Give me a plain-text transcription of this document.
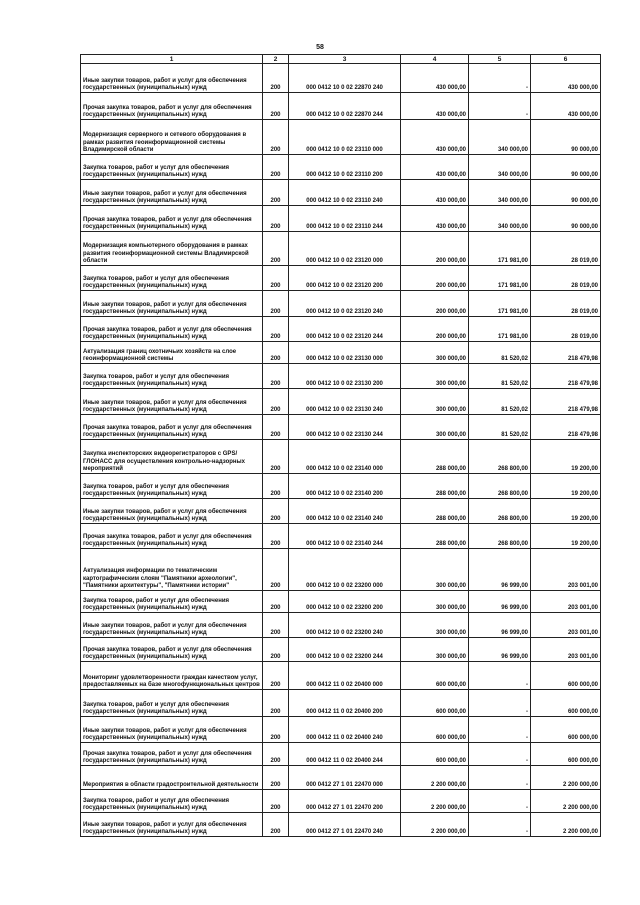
58
1	2	3	4	5	6
Иные закупки товаров, работ и услуг для обеспечения государственных (муниципальных) нужд	200	000 0412 10 0 02 22870 240	430 000,00	-	430 000,00
Прочая закупка товаров, работ и услуг для обеспечения государственных (муниципальных) нужд	200	000 0412 10 0 02 22870 244	430 000,00	-	430 000,00
Модернизация серверного и сетевого оборудования в рамках развития геоинформационной системы Владимирской области	200	000 0412 10 0 02 23110 000	430 000,00	340 000,00	90 000,00
Закупка товаров, работ и услуг для обеспечения государственных (муниципальных) нужд	200	000 0412 10 0 02 23110 200	430 000,00	340 000,00	90 000,00
Иные закупки товаров, работ и услуг для обеспечения государственных (муниципальных) нужд	200	000 0412 10 0 02 23110 240	430 000,00	340 000,00	90 000,00
Прочая закупка товаров, работ и услуг для обеспечения государственных (муниципальных) нужд	200	000 0412 10 0 02 23110 244	430 000,00	340 000,00	90 000,00
Модернизация компьютерного оборудования в рамках развития геоинформационной системы Владимирской области	200	000 0412 10 0 02 23120 000	200 000,00	171 981,00	28 019,00
Закупка товаров, работ и услуг для обеспечения государственных (муниципальных) нужд	200	000 0412 10 0 02 23120 200	200 000,00	171 981,00	28 019,00
Иные закупки товаров, работ и услуг для обеспечения государственных (муниципальных) нужд	200	000 0412 10 0 02 23120 240	200 000,00	171 981,00	28 019,00
Прочая закупка товаров, работ и услуг для обеспечения государственных (муниципальных) нужд	200	000 0412 10 0 02 23120 244	200 000,00	171 981,00	28 019,00
Актуализация границ охотничьих хозяйств на слое геоинформационной системы	200	000 0412 10 0 02 23130 000	300 000,00	81 520,02	218 479,98
Закупка товаров, работ и услуг для обеспечения государственных (муниципальных) нужд	200	000 0412 10 0 02 23130 200	300 000,00	81 520,02	218 479,98
Иные закупки товаров, работ и услуг для обеспечения государственных (муниципальных) нужд	200	000 0412 10 0 02 23130 240	300 000,00	81 520,02	218 479,98
Прочая закупка товаров, работ и услуг для обеспечения государственных (муниципальных) нужд	200	000 0412 10 0 02 23130 244	300 000,00	81 520,02	218 479,98
Закупка инспекторских видеорегистраторов с GPS/ГЛОНАСС для осуществления контрольно-надзорных мероприятий	200	000 0412 10 0 02 23140 000	288 000,00	268 800,00	19 200,00
Закупка товаров, работ и услуг для обеспечения государственных (муниципальных) нужд	200	000 0412 10 0 02 23140 200	288 000,00	268 800,00	19 200,00
Иные закупки товаров, работ и услуг для обеспечения государственных (муниципальных) нужд	200	000 0412 10 0 02 23140 240	288 000,00	268 800,00	19 200,00
Прочая закупка товаров, работ и услуг для обеспечения государственных (муниципальных) нужд	200	000 0412 10 0 02 23140 244	288 000,00	268 800,00	19 200,00
Актуализация информации по тематическим картографическим слоям "Памятники археологии", "Памятники архитектуры", "Памятники истории"	200	000 0412 10 0 02 23200 000	300 000,00	96 999,00	203 001,00
Закупка товаров, работ и услуг для обеспечения государственных (муниципальных) нужд	200	000 0412 10 0 02 23200 200	300 000,00	96 999,00	203 001,00
Иные закупки товаров, работ и услуг для обеспечения государственных (муниципальных) нужд	200	000 0412 10 0 02 23200 240	300 000,00	96 999,00	203 001,00
Прочая закупка товаров, работ и услуг для обеспечения государственных (муниципальных) нужд	200	000 0412 10 0 02 23200 244	300 000,00	96 999,00	203 001,00
Мониторинг удовлетворенности граждан качеством услуг, предоставляемых на базе многофункциональных центров	200	000 0412 11 0 02 20400 000	600 000,00	-	600 000,00
Закупка товаров, работ и услуг для обеспечения государственных (муниципальных) нужд	200	000 0412 11 0 02 20400 200	600 000,00	-	600 000,00
Иные закупки товаров, работ и услуг для обеспечения государственных (муниципальных) нужд	200	000 0412 11 0 02 20400 240	600 000,00	-	600 000,00
Прочая закупка товаров, работ и услуг для обеспечения государственных (муниципальных) нужд	200	000 0412 11 0 02 20400 244	600 000,00	-	600 000,00
Мероприятия в области градостроительной деятельности	200	000 0412 27 1 01 22470 000	2 200 000,00	-	2 200 000,00
Закупка товаров, работ и услуг для обеспечения государственных (муниципальных) нужд	200	000 0412 27 1 01 22470 200	2 200 000,00	-	2 200 000,00
Иные закупки товаров, работ и услуг для обеспечения государственных (муниципальных) нужд	200	000 0412 27 1 01 22470 240	2 200 000,00	-	2 200 000,00
